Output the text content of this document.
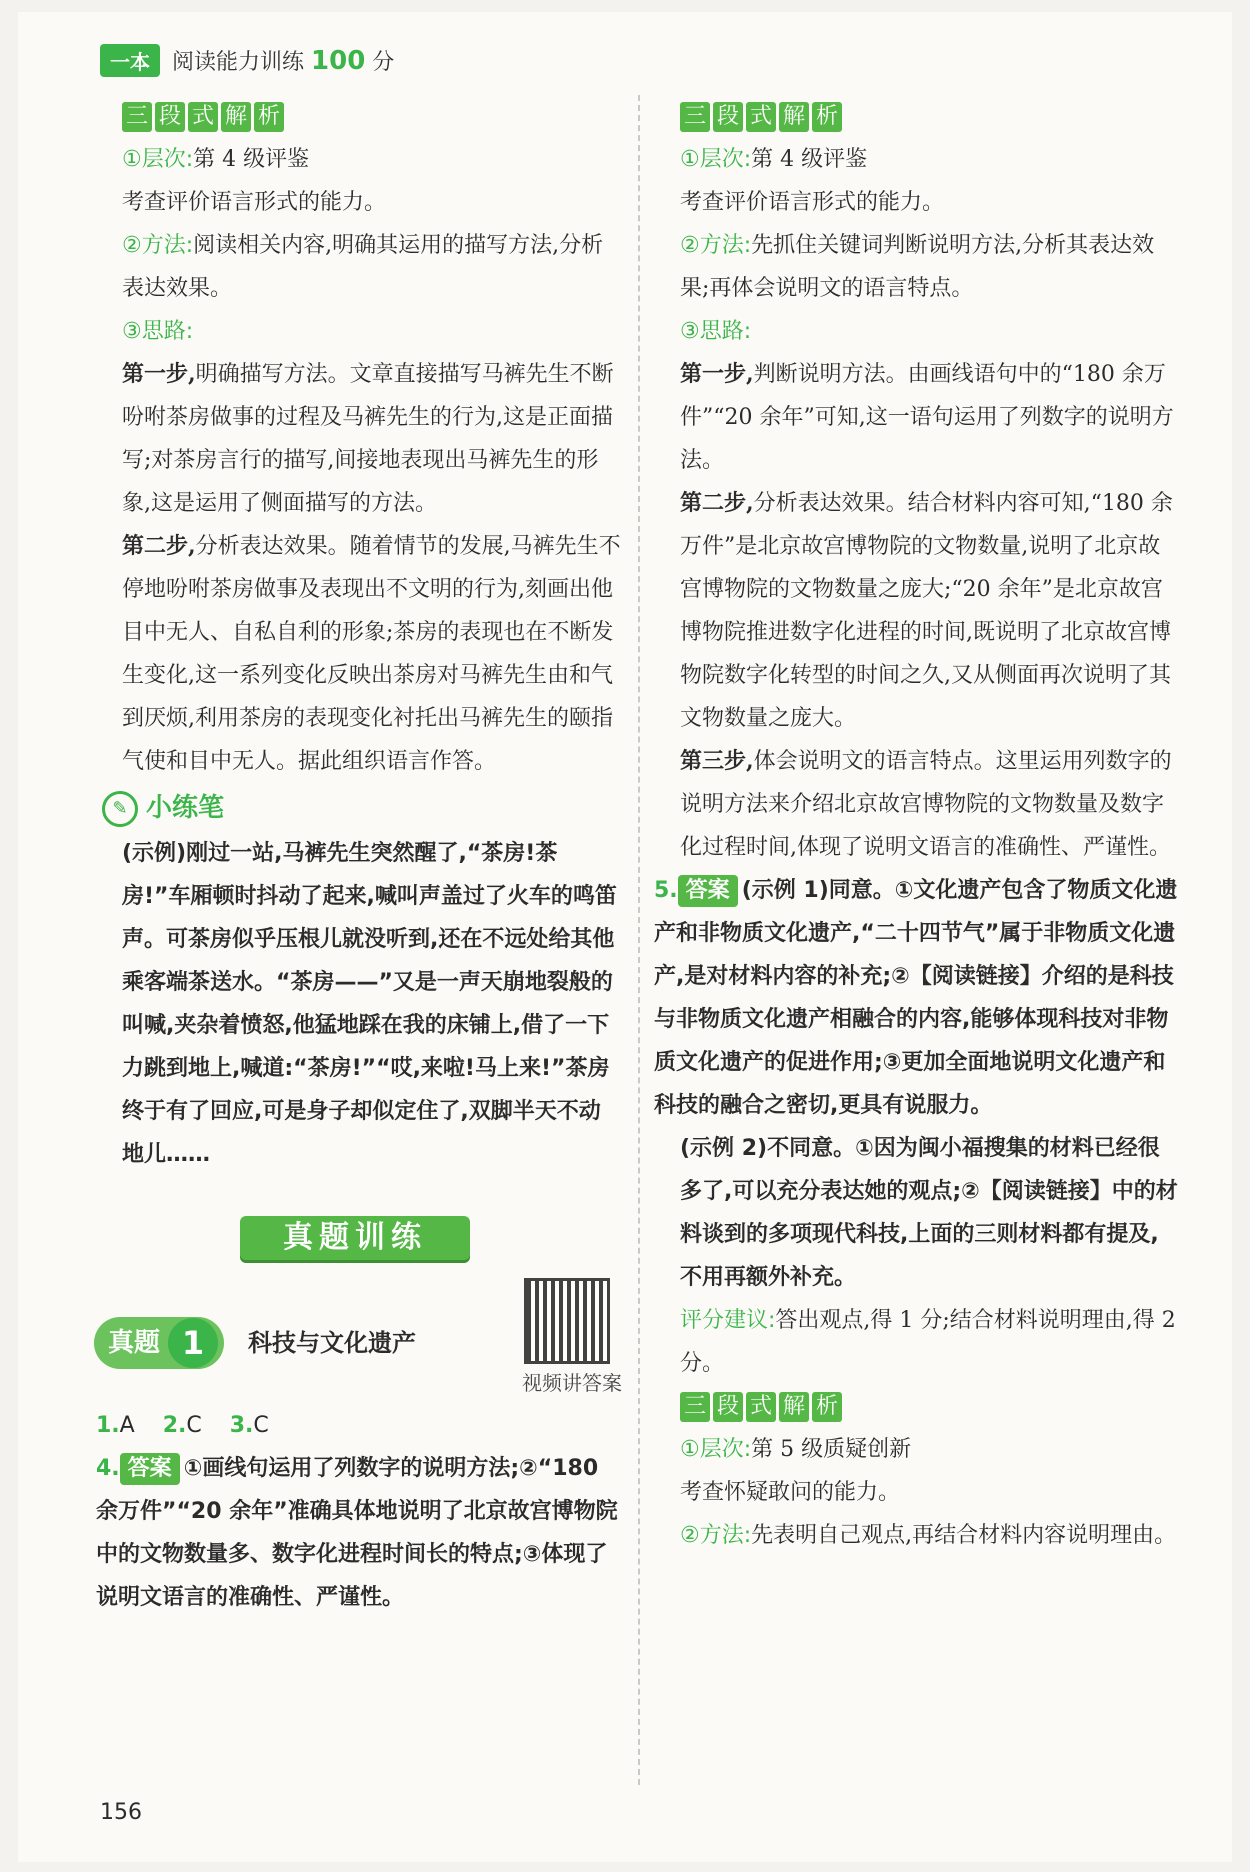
一本	阅读能力训练 100 分
三 段 式 解 析

①层次:第 4 级评鉴

考查评价语言形式的能力。

②方法:阅读相关内容,明确其运用的描写方法,分析表达效果。

③思路:

第一步,明确描写方法。文章直接描写马裤先生不断吩咐茶房做事的过程及马裤先生的行为,这是正面描写;对茶房言行的描写,间接地表现出马裤先生的形象,这是运用了侧面描写的方法。

第二步,分析表达效果。随着情节的发展,马裤先生不停地吩咐茶房做事及表现出不文明的行为,刻画出他目中无人、自私自利的形象;茶房的表现也在不断发生变化,这一系列变化反映出茶房对马裤先生由和气到厌烦,利用茶房的表现变化衬托出马裤先生的颐指气使和目中无人。据此组织语言作答。

✎ 小练笔

(示例)刚过一站,马裤先生突然醒了,“茶房!茶房!”车厢顿时抖动了起来,喊叫声盖过了火车的鸣笛声。可茶房似乎压根儿就没听到,还在不远处给其他乘客端茶送水。“茶房——”又是一声天崩地裂般的叫喊,夹杂着愤怒,他猛地踩在我的床铺上,借了一下力跳到地上,喊道:“茶房!”“哎,来啦!马上来!”茶房终于有了回应,可是身子却似定住了,双脚半天不动地儿……

真题训练
真题 1	科技与文化遗产
视频讲答案
1.A 2.C 3.C

4. 答案 ①画线句运用了列数字的说明方法;②“180 余万件”“20 余年”准确具体地说明了北京故宫博物院中的文物数量多、数字化进程时间长的特点;③体现了说明文语言的准确性、严谨性。

三 段 式 解 析

①层次:第 4 级评鉴

考查评价语言形式的能力。

②方法:先抓住关键词判断说明方法,分析其表达效果;再体会说明文的语言特点。

③思路:

第一步,判断说明方法。由画线语句中的“180 余万件”“20 余年”可知,这一语句运用了列数字的说明方法。

第二步,分析表达效果。结合材料内容可知,“180 余万件”是北京故宫博物院的文物数量,说明了北京故宫博物院的文物数量之庞大;“20 余年”是北京故宫博物院推进数字化进程的时间,既说明了北京故宫博物院数字化转型的时间之久,又从侧面再次说明了其文物数量之庞大。

第三步,体会说明文的语言特点。这里运用列数字的说明方法来介绍北京故宫博物院的文物数量及数字化过程时间,体现了说明文语言的准确性、严谨性。

5. 答案 (示例 1)同意。①文化遗产包含了物质文化遗产和非物质文化遗产,“二十四节气”属于非物质文化遗产,是对材料内容的补充;②【阅读链接】介绍的是科技与非物质文化遗产相融合的内容,能够体现科技对非物质文化遗产的促进作用;③更加全面地说明文化遗产和科技的融合之密切,更具有说服力。

(示例 2)不同意。①因为闽小福搜集的材料已经很多了,可以充分表达她的观点;②【阅读链接】中的材料谈到的多项现代科技,上面的三则材料都有提及,不用再额外补充。

评分建议:答出观点,得 1 分;结合材料说明理由,得 2 分。

三 段 式 解 析

①层次:第 5 级质疑创新

考查怀疑敢问的能力。

②方法:先表明自己观点,再结合材料内容说明理由。

156
